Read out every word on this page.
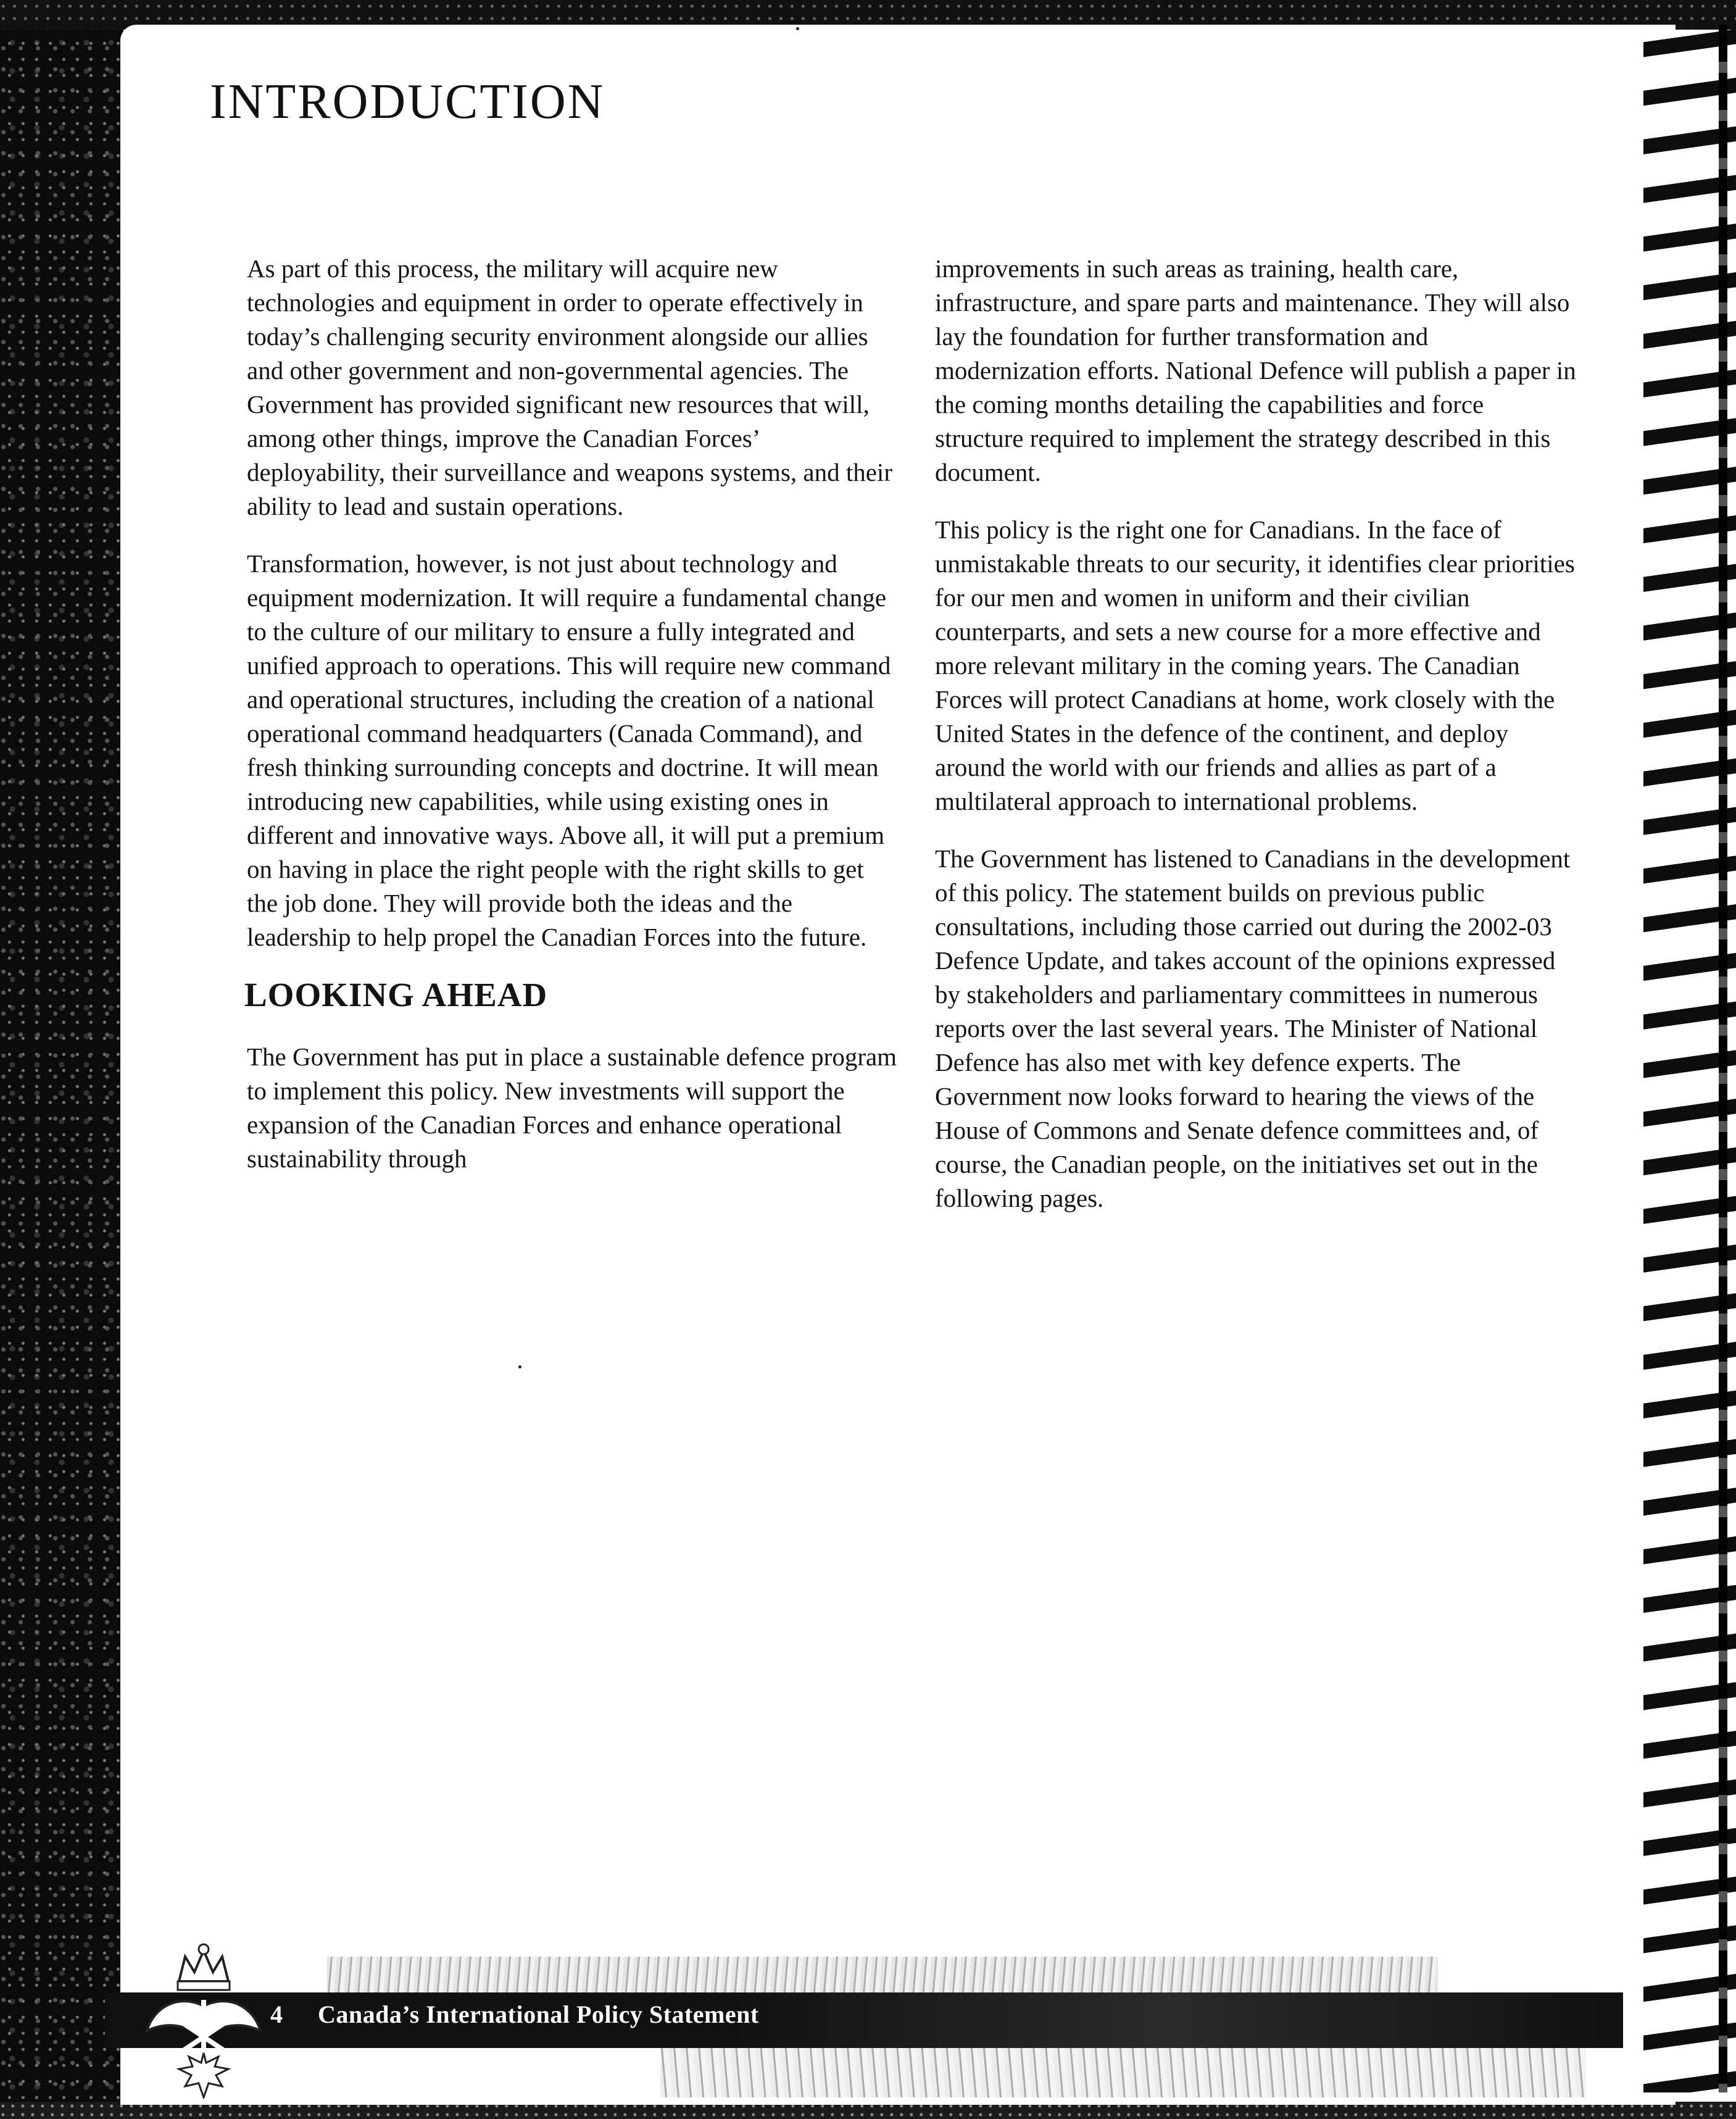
INTRODUCTION

As part of this process, the military will acquire new technologies and equipment in order to operate effectively in today’s challenging security environment alongside our allies and other government and non-governmental agencies. The Government has provided significant new resources that will, among other things, improve the Canadian Forces’ deployability, their surveillance and weapons systems, and their ability to lead and sustain operations.

Transformation, however, is not just about technology and equipment modernization. It will require a fundamental change to the culture of our military to ensure a fully integrated and unified approach to operations. This will require new command and operational structures, including the creation of a national operational command headquarters (Canada Command), and fresh thinking surrounding concepts and doctrine. It will mean introducing new capabilities, while using existing ones in different and innovative ways. Above all, it will put a premium on having in place the right people with the right skills to get the job done. They will provide both the ideas and the leadership to help propel the Canadian Forces into the future.

LOOKING AHEAD

The Government has put in place a sustainable defence program to implement this policy. New investments will support the expansion of the Canadian Forces and enhance operational sustainability through

improvements in such areas as training, health care, infrastructure, and spare parts and maintenance. They will also lay the foundation for further transformation and modernization efforts. National Defence will publish a paper in the coming months detailing the capabilities and force structure required to implement the strategy described in this document.

This policy is the right one for Canadians. In the face of unmistakable threats to our security, it identifies clear priorities for our men and women in uniform and their civilian counterparts, and sets a new course for a more effective and more relevant military in the coming years. The Canadian Forces will protect Canadians at home, work closely with the United States in the defence of the continent, and deploy around the world with our friends and allies as part of a multilateral approach to international problems.

The Government has listened to Canadians in the development of this policy. The statement builds on previous public consultations, including those carried out during the 2002-03 Defence Update, and takes account of the opinions expressed by stakeholders and parliamentary committees in numerous reports over the last several years. The Minister of National Defence has also met with key defence experts. The Government now looks forward to hearing the views of the House of Commons and Senate defence committees and, of course, the Canadian people, on the initiatives set out in the following pages.

4 Canada’s International Policy Statement
